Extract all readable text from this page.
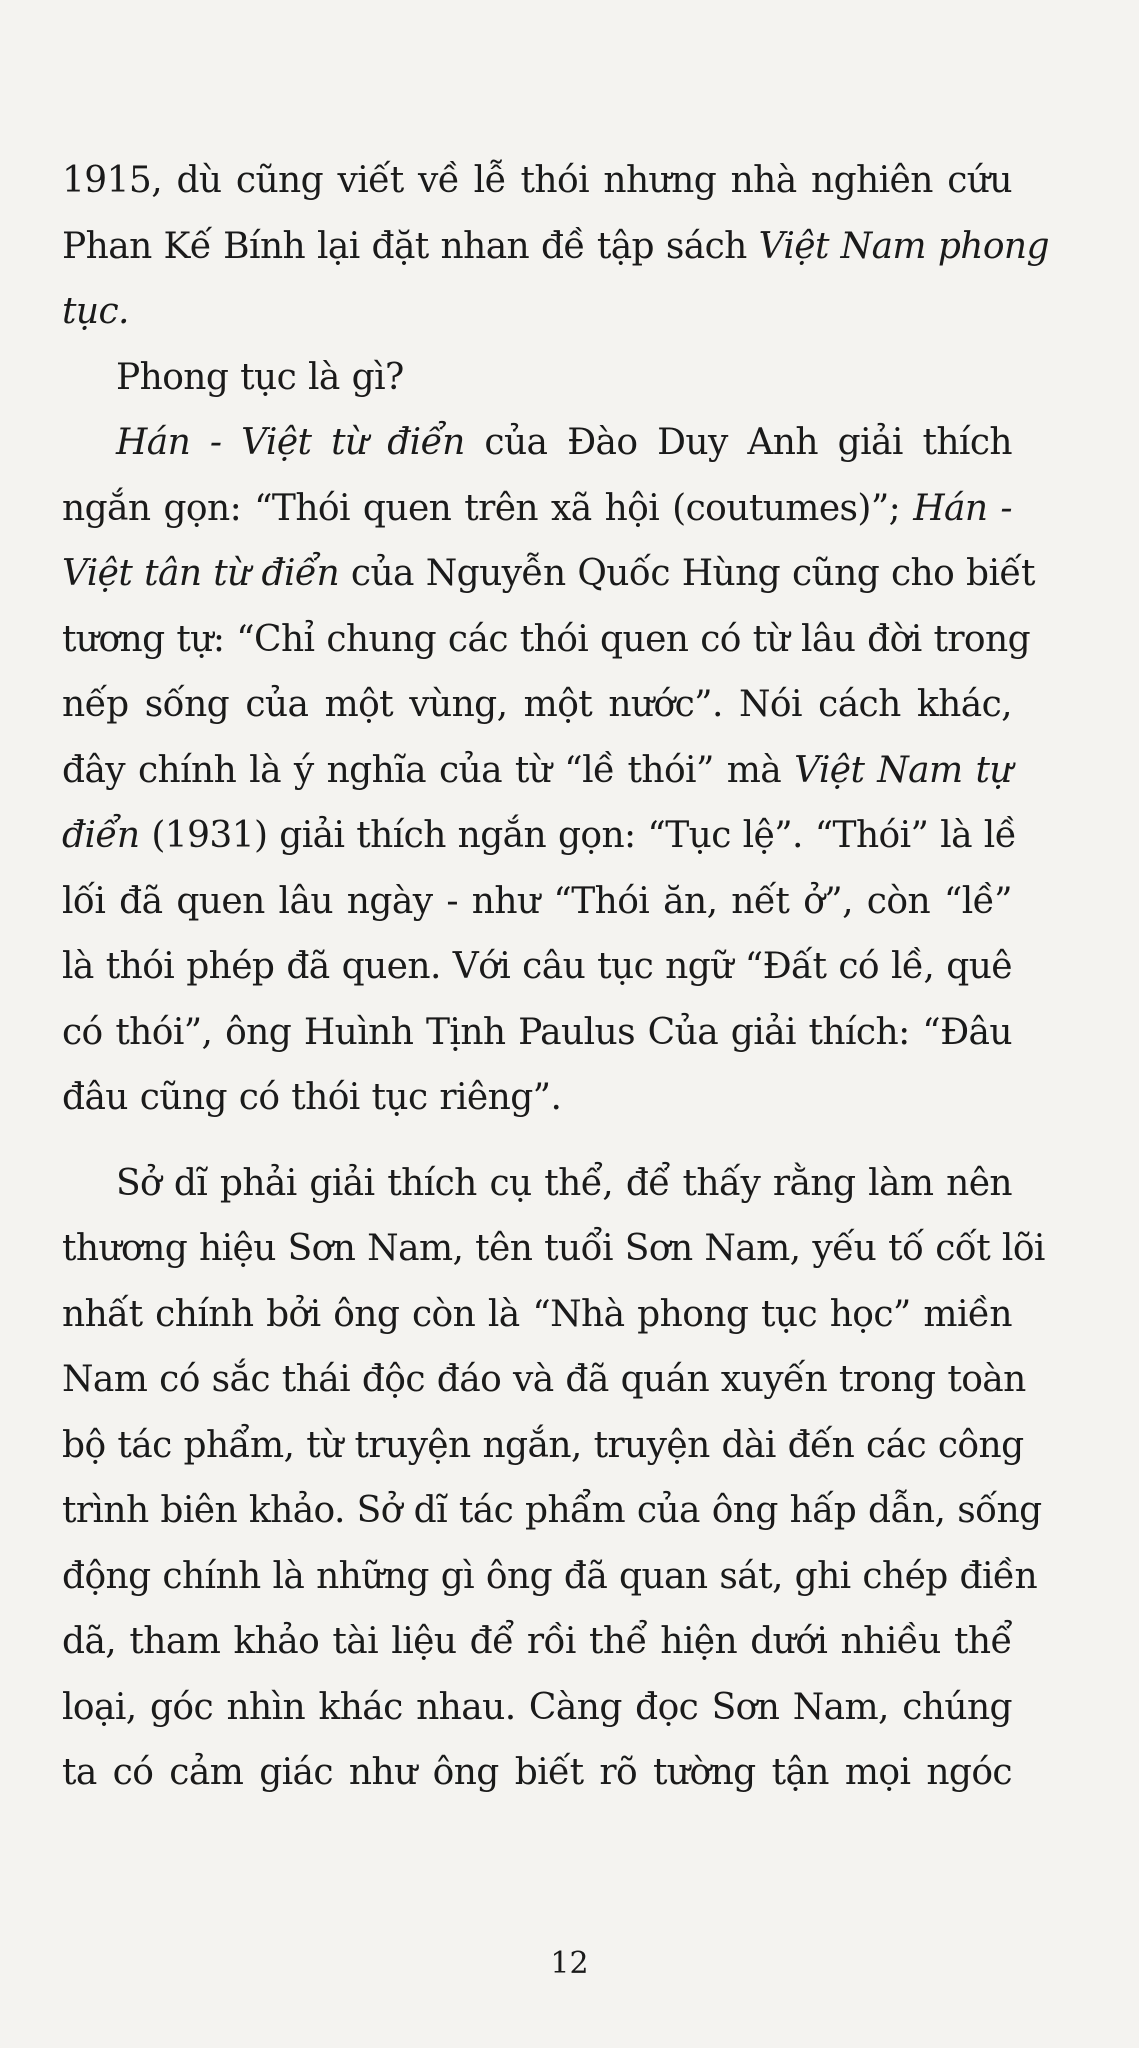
1915, dù cũng viết về lễ thói nhưng nhà nghiên cứu
Phan Kế Bính lại đặt nhan đề tập sách Việt Nam phong
tục.
Phong tục là gì?
Hán - Việt từ điển của Đào Duy Anh giải thích
ngắn gọn: “Thói quen trên xã hội (coutumes)”; Hán -
Việt tân từ điển của Nguyễn Quốc Hùng cũng cho biết
tương tự: “Chỉ chung các thói quen có từ lâu đời trong
nếp sống của một vùng, một nước”. Nói cách khác,
đây chính là ý nghĩa của từ “lề thói” mà Việt Nam tự
điển (1931) giải thích ngắn gọn: “Tục lệ”. “Thói” là lề
lối đã quen lâu ngày - như “Thói ăn, nết ở”, còn “lề”
là thói phép đã quen. Với câu tục ngữ “Đất có lề, quê
có thói”, ông Huình Tịnh Paulus Của giải thích: “Đâu
đâu cũng có thói tục riêng”.
Sở dĩ phải giải thích cụ thể, để thấy rằng làm nên
thương hiệu Sơn Nam, tên tuổi Sơn Nam, yếu tố cốt lõi
nhất chính bởi ông còn là “Nhà phong tục học” miền
Nam có sắc thái độc đáo và đã quán xuyến trong toàn
bộ tác phẩm, từ truyện ngắn, truyện dài đến các công
trình biên khảo. Sở dĩ tác phẩm của ông hấp dẫn, sống
động chính là những gì ông đã quan sát, ghi chép điền
dã, tham khảo tài liệu để rồi thể hiện dưới nhiều thể
loại, góc nhìn khác nhau. Càng đọc Sơn Nam, chúng
ta có cảm giác như ông biết rõ tường tận mọi ngóc
12
